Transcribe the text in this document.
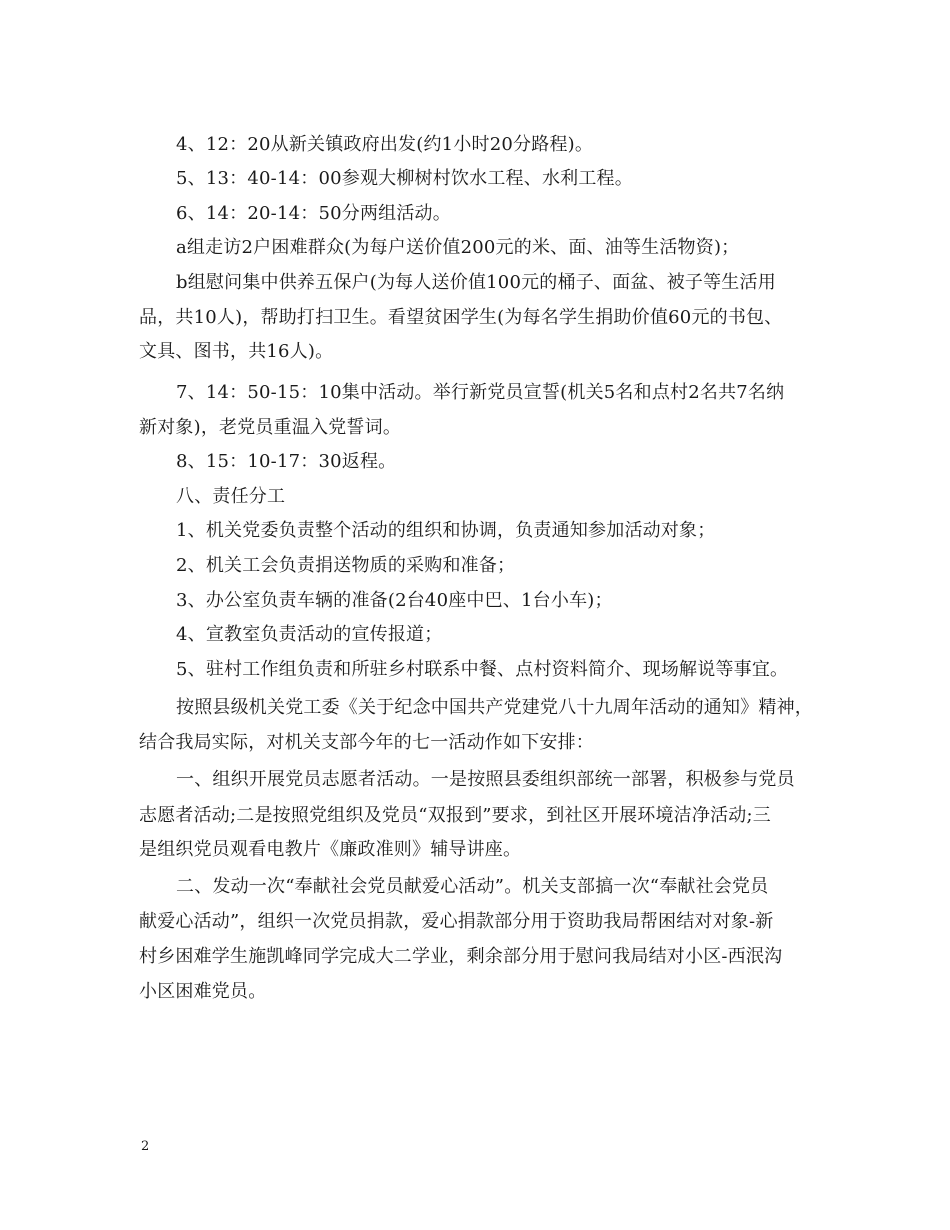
4、12：20从新关镇政府出发(约1小时20分路程)。
5、13：40-14：00参观大柳树村饮水工程、水利工程。
6、14：20-14：50分两组活动。
a组走访2户困难群众(为每户送价值200元的米、面、油等生活物资)；
b组慰问集中供养五保户(为每人送价值100元的桶子、面盆、被子等生活用
品，共10人)，帮助打扫卫生。看望贫困学生(为每名学生捐助价值60元的书包、
文具、图书，共16人)。
7、14：50-15：10集中活动。举行新党员宣誓(机关5名和点村2名共7名纳
新对象)，老党员重温入党誓词。
8、15：10-17：30返程。
八、责任分工
1、机关党委负责整个活动的组织和协调，负责通知参加活动对象；
2、机关工会负责捐送物质的采购和准备；
3、办公室负责车辆的准备(2台40座中巴、1台小车)；
4、宣教室负责活动的宣传报道；
5、驻村工作组负责和所驻乡村联系中餐、点村资料简介、现场解说等事宜。
按照县级机关党工委《关于纪念中国共产党建党八十九周年活动的通知》精神，
结合我局实际，对机关支部今年的七一活动作如下安排：
一、组织开展党员志愿者活动。一是按照县委组织部统一部署，积极参与党员
志愿者活动;二是按照党组织及党员“双报到”要求，到社区开展环境洁净活动;三
是组织党员观看电教片《廉政准则》辅导讲座。
二、发动一次“奉献社会党员献爱心活动”。机关支部搞一次“奉献社会党员
献爱心活动”，组织一次党员捐款，爱心捐款部分用于资助我局帮困结对对象-新
村乡困难学生施凯峰同学完成大二学业，剩余部分用于慰问我局结对小区-西泯沟
小区困难党员。
2
